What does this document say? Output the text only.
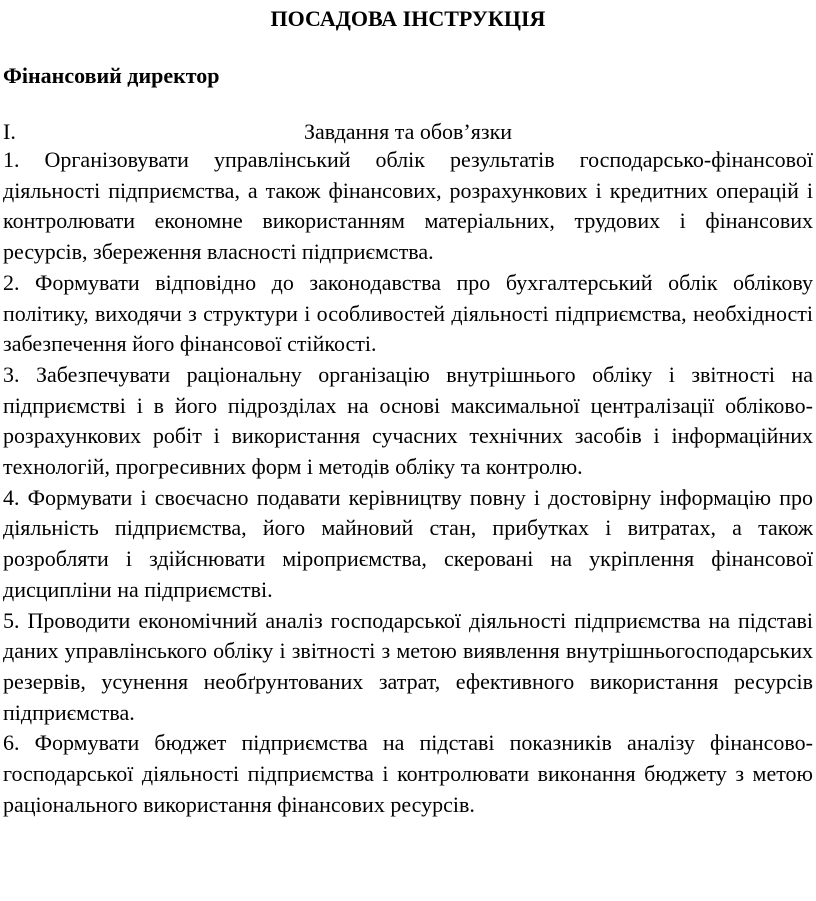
ПОСАДОВА ІНСТРУКЦІЯ
Фінансовий директор
I.	Завдання та обов’язки

1. Організовувати управлінський облік результатів господарсько-фінансової діяльності підприємства, а також фінансових, розрахункових і кредитних операцій і контролювати економне використанням матеріальних, трудових і фінансових ресурсів, збереження власності підприємства.

2. Формувати відповідно до законодавства про бухгалтерський облік облікову політику, виходячи з структури і особливостей діяльності підприємства, необхідності забезпечення його фінансової стійкості.

3. Забезпечувати раціональну організацію внутрішнього обліку і звітності на підприємстві і в його підрозділах на основі максимальної централізації обліково-розрахункових робіт і використання сучасних технічних засобів і інформаційних технологій, прогресивних форм і методів обліку та контролю.

4. Формувати і своєчасно подавати керівництву повну і достовірну інформацію про діяльність підприємства, його майновий стан, прибутках і витратах, а також розробляти і здійснювати міроприємства, скеровані на укріплення фінансової дисципліни на підприємстві.

5. Проводити економічний аналіз господарської діяльності підприємства на підставі даних управлінського обліку і звітності з метою виявлення внутрішньогосподарських резервів, усунення необґрунтованих затрат, ефективного використання ресурсів підприємства.

6. Формувати бюджет підприємства на підставі показників аналізу фінансово-господарської діяльності підприємства і контролювати виконання бюджету з метою раціонального використання фінансових ресурсів.
